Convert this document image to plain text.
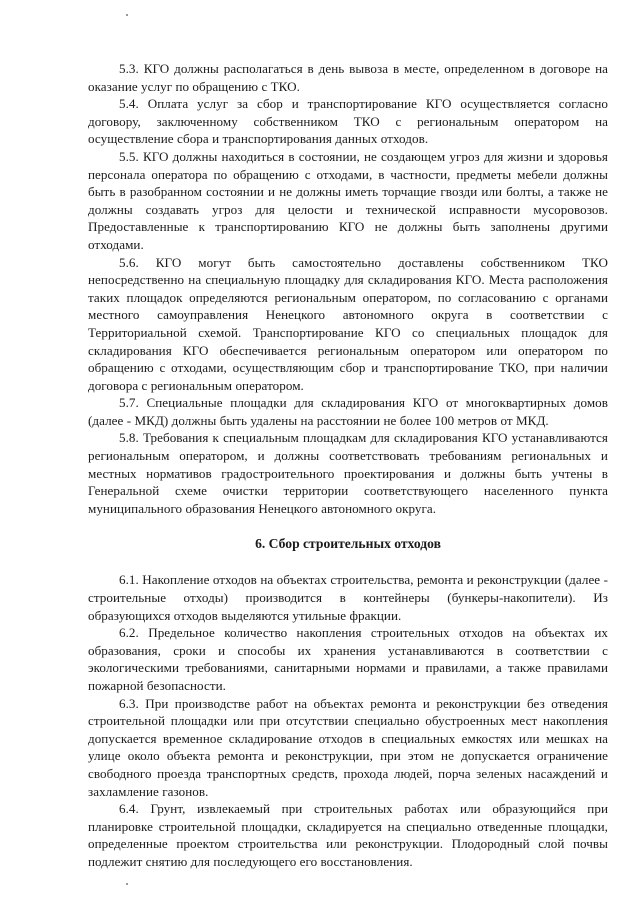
5.3. КГО должны располагаться в день вывоза в месте, определенном в договоре на оказание услуг по обращению с ТКО.

5.4. Оплата услуг за сбор и транспортирование КГО осуществляется согласно договору, заключенному собственником ТКО с региональным оператором на осуществление сбора и транспортирования данных отходов.

5.5. КГО должны находиться в состоянии, не создающем угроз для жизни и здоровья персонала оператора по обращению с отходами, в частности, предметы мебели должны быть в разобранном состоянии и не должны иметь торчащие гвозди или болты, а также не должны создавать угроз для целости и технической исправности мусоровозов. Предоставленные к транспортированию КГО не должны быть заполнены другими отходами.

5.6. КГО могут быть самостоятельно доставлены собственником ТКО непосредственно на специальную площадку для складирования КГО. Места расположения таких площадок определяются региональным оператором, по согласованию с органами местного самоуправления Ненецкого автономного округа в соответствии с Территориальной схемой. Транспортирование КГО со специальных площадок для складирования КГО обеспечивается региональным оператором или оператором по обращению с отходами, осуществляющим сбор и транспортирование ТКО, при наличии договора с региональным оператором.

5.7. Специальные площадки для складирования КГО от многоквартирных домов (далее - МКД) должны быть удалены на расстоянии не более 100 метров от МКД.

5.8. Требования к специальным площадкам для складирования КГО устанавливаются региональным оператором, и должны соответствовать требованиям региональных и местных нормативов градостроительного проектирования и должны быть учтены в Генеральной схеме очистки территории соответствующего населенного пункта муниципального образования Ненецкого автономного округа.

6. Сбор строительных отходов

6.1. Накопление отходов на объектах строительства, ремонта и реконструкции (далее - строительные отходы) производится в контейнеры (бункеры-накопители). Из образующихся отходов выделяются утильные фракции.

6.2. Предельное количество накопления строительных отходов на объектах их образования, сроки и способы их хранения устанавливаются в соответствии с экологическими требованиями, санитарными нормами и правилами, а также правилами пожарной безопасности.

6.3. При производстве работ на объектах ремонта и реконструкции без отведения строительной площадки или при отсутствии специально обустроенных мест накопления допускается временное складирование отходов в специальных емкостях или мешках на улице около объекта ремонта и реконструкции, при этом не допускается ограничение свободного проезда транспортных средств, прохода людей, порча зеленых насаждений и захламление газонов.

6.4. Грунт, извлекаемый при строительных работах или образующийся при планировке строительной площадки, складируется на специально отведенные площадки, определенные проектом строительства или реконструкции. Плодородный слой почвы подлежит снятию для последующего его восстановления.
